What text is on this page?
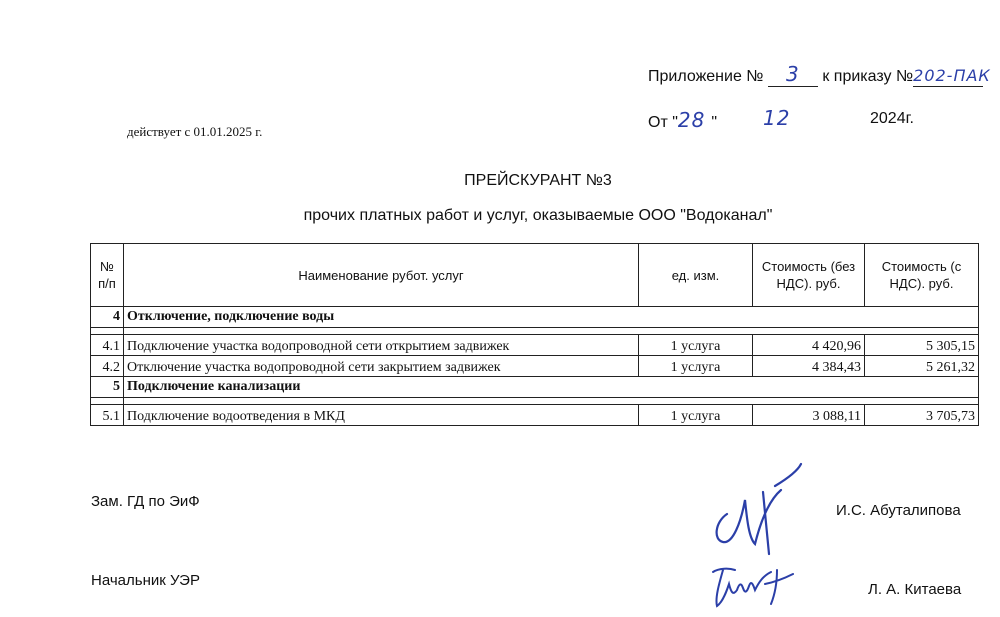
Приложение № 3 к приказу №202-ПАК
От "28 " 12	2024г.
действует с 01.01.2025 г.
ПРЕЙСКУРАНТ №3
прочих платных работ и услуг, оказываемые ООО "Водоканал"
№ п/п	Наименование рубот. услуг	ед. изм.	Стоимость (без НДС). руб.	Стоимость (с НДС). руб.
4	Отключение, подключение воды			

4.1	Подключение участка водопроводной сети открытием задвижек	1 услуга	4 420,96	5 305,15
4.2	Отключение участка водопроводной сети закрытием задвижек	1 услуга	4 384,43	5 261,32
5	Подключение канализации			

5.1	Подключение водоотведения в МКД	1 услуга	3 088,11	3 705,73
Зам. ГД по ЭиФ
И.С. Абуталипова
Начальник УЭР
Л. А. Китаева
